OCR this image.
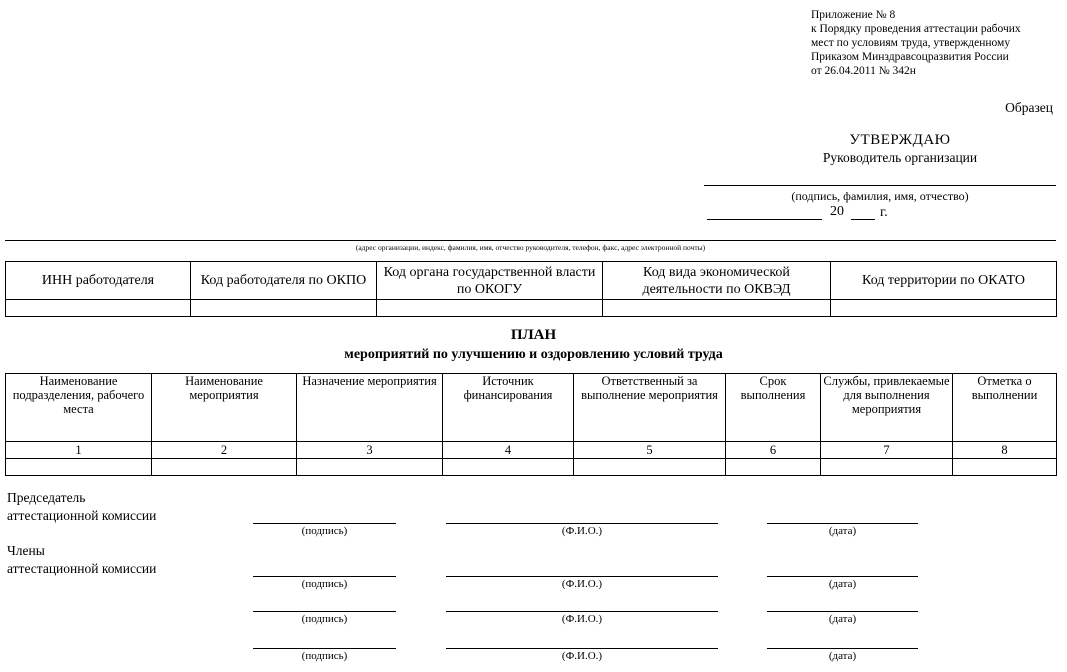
Приложение № 8
к Порядку проведения аттестации рабочих
мест по условиям труда, утвержденному
Приказом Минздравсоцразвития России
от 26.04.2011 № 342н
Образец
УТВЕРЖДАЮ
Руководитель организации
(подпись, фамилия, имя, отчество)
20	г.
(адрес организации, индекс, фамилия, имя, отчество руководителя, телефон, факс, адрес электронной почты)
ИНН работодателя	Код работодателя по ОКПО	Код органа государственной власти по ОКОГУ	Код вида экономической деятельности по ОКВЭД	Код территории по ОКАТО

ПЛАН
мероприятий по улучшению и оздоровлению условий труда
Наименование подразделения, рабочего места	Наименование мероприятия	Назначение мероприятия	Источник финансирования	Ответственный за выполнение мероприятия	Срок выполнения	Службы, привлекаемые для выполнения мероприятия	Отметка о выполнении
1	2	3	4	5	6	7	8

Председатель
аттестационной комиссии
(подпись)	(Ф.И.О.)	(дата)
Члены
аттестационной комиссии
(подпись)	(Ф.И.О.)	(дата)
(подпись)	(Ф.И.О.)	(дата)
(подпись)	(Ф.И.О.)	(дата)
